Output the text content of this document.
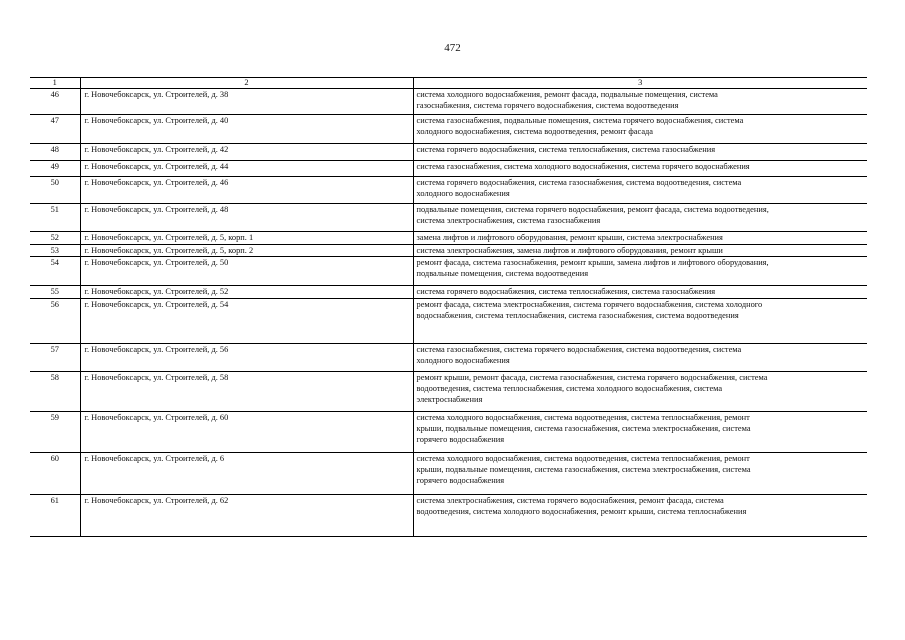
472
1	2	3
46	г. Новочебоксарск, ул. Строителей, д. 38	система холодного водоснабжения, ремонт фасада, подвальные помещения, система
газоснабжения, система горячего водоснабжения, система водоотведения

47	г. Новочебоксарск, ул. Строителей, д. 40	система газоснабжения, подвальные помещения, система горячего водоснабжения, система
холодного водоснабжения, система водоотведения, ремонт фасада

48	г. Новочебоксарск, ул. Строителей, д. 42	система горячего водоснабжения, система теплоснабжения, система газоснабжения

49	г. Новочебоксарск, ул. Строителей, д. 44	система газоснабжения, система холодного водоснабжения, система горячего водоснабжения

50	г. Новочебоксарск, ул. Строителей, д. 46	система горячего водоснабжения, система газоснабжения, система водоотведения, система
холодного водоснабжения

51	г. Новочебоксарск, ул. Строителей, д. 48	подвальные помещения, система горячего водоснабжения, ремонт фасада, система водоотведения,
система электроснабжения, система газоснабжения

52	г. Новочебоксарск, ул. Строителей, д. 5, корп. 1	замена лифтов и лифтового оборудования, ремонт крыши, система электроснабжения

53	г. Новочебоксарск, ул. Строителей, д. 5, корп. 2	система электроснабжения, замена лифтов и лифтового оборудования, ремонт крыши

54	г. Новочебоксарск, ул. Строителей, д. 50	ремонт фасада, система газоснабжения, ремонт крыши, замена лифтов и лифтового оборудования,
подвальные помещения, система водоотведения

55	г. Новочебоксарск, ул. Строителей, д. 52	система горячего водоснабжения, система теплоснабжения, система газоснабжения

56	г. Новочебоксарск, ул. Строителей, д. 54	ремонт фасада, система электроснабжения, система горячего водоснабжения, система холодного
водоснабжения, система теплоснабжения, система газоснабжения, система водоотведения

57	г. Новочебоксарск, ул. Строителей, д. 56	система газоснабжения, система горячего водоснабжения, система водоотведения, система
холодного водоснабжения

58	г. Новочебоксарск, ул. Строителей, д. 58	ремонт крыши, ремонт фасада, система газоснабжения, система горячего водоснабжения, система
водоотведения, система теплоснабжения, система холодного водоснабжения, система
электроснабжения

59	г. Новочебоксарск, ул. Строителей, д. 60	система холодного водоснабжения, система водоотведения, система теплоснабжения, ремонт
крыши, подвальные помещения, система газоснабжения, система электроснабжения, система
горячего водоснабжения

60	г. Новочебоксарск, ул. Строителей, д. 6	система холодного водоснабжения, система водоотведения, система теплоснабжения, ремонт
крыши, подвальные помещения, система газоснабжения, система электроснабжения, система
горячего водоснабжения

61	г. Новочебоксарск, ул. Строителей, д. 62	система электроснабжения, система горячего водоснабжения, ремонт фасада, система
водоотведения, система холодного водоснабжения, ремонт крыши, система теплоснабжения
